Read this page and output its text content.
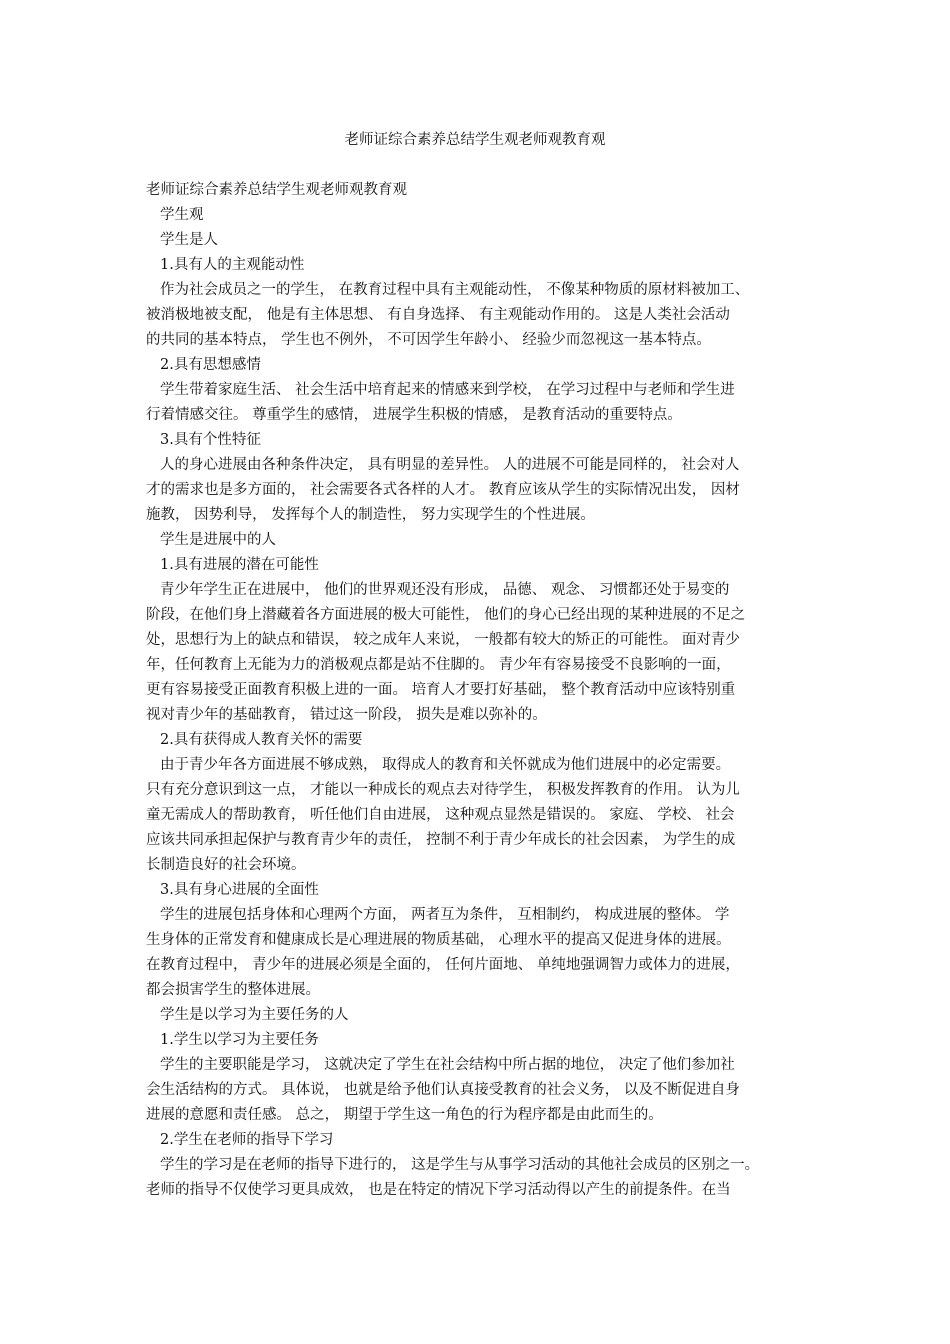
老师证综合素养总结学生观老师观教育观
老师证综合素养总结学生观老师观教育观
学生观
学生是人
1.具有人的主观能动性
作为社会成员之一的学生， 在教育过程中具有主观能动性， 不像某种物质的原材料被加工、
被消极地被支配， 他是有主体思想、 有自身选择、 有主观能动作用的。 这是人类社会活动
的共同的基本特点， 学生也不例外， 不可因学生年龄小、 经验少而忽视这一基本特点。
2.具有思想感情
学生带着家庭生活、 社会生活中培育起来的情感来到学校， 在学习过程中与老师和学生进
行着情感交往。 尊重学生的感情， 进展学生积极的情感， 是教育活动的重要特点。
3.具有个性特征
人的身心进展由各种条件决定， 具有明显的差异性。 人的进展不可能是同样的， 社会对人
才的需求也是多方面的， 社会需要各式各样的人才。 教育应该从学生的实际情况出发， 因材
施教， 因势利导， 发挥每个人的制造性， 努力实现学生的个性进展。
学生是进展中的人
1.具有进展的潜在可能性
青少年学生正在进展中， 他们的世界观还没有形成， 品德、 观念、 习惯都还处于易变的
阶段，在他们身上潜藏着各方面进展的极大可能性， 他们的身心已经出现的某种进展的不足之
处，思想行为上的缺点和错误， 较之成年人来说， 一般都有较大的矫正的可能性。 面对青少
年，任何教育上无能为力的消极观点都是站不住脚的。 青少年有容易接受不良影响的一面，
更有容易接受正面教育积极上进的一面。 培育人才要打好基础， 整个教育活动中应该特别重
视对青少年的基础教育， 错过这一阶段， 损失是难以弥补的。
2.具有获得成人教育关怀的需要
由于青少年各方面进展不够成熟， 取得成人的教育和关怀就成为他们进展中的必定需要。
只有充分意识到这一点， 才能以一种成长的观点去对待学生， 积极发挥教育的作用。 认为儿
童无需成人的帮助教育， 听任他们自由进展， 这种观点显然是错误的。 家庭、 学校、 社会
应该共同承担起保护与教育青少年的责任， 控制不利于青少年成长的社会因素， 为学生的成
长制造良好的社会环境。
3.具有身心进展的全面性
学生的进展包括身体和心理两个方面， 两者互为条件， 互相制约， 构成进展的整体。 学
生身体的正常发育和健康成长是心理进展的物质基础， 心理水平的提高又促进身体的进展。
在教育过程中， 青少年的进展必须是全面的， 任何片面地、 单纯地强调智力或体力的进展，
都会损害学生的整体进展。
学生是以学习为主要任务的人
1.学生以学习为主要任务
学生的主要职能是学习， 这就决定了学生在社会结构中所占据的地位， 决定了他们参加社
会生活结构的方式。 具体说， 也就是给予他们认真接受教育的社会义务， 以及不断促进自身
进展的意愿和责任感。 总之， 期望于学生这一角色的行为程序都是由此而生的。
2.学生在老师的指导下学习
学生的学习是在老师的指导下进行的， 这是学生与从事学习活动的其他社会成员的区别之一。
老师的指导不仅使学习更具成效， 也是在特定的情况下学习活动得以产生的前提条件。在当
